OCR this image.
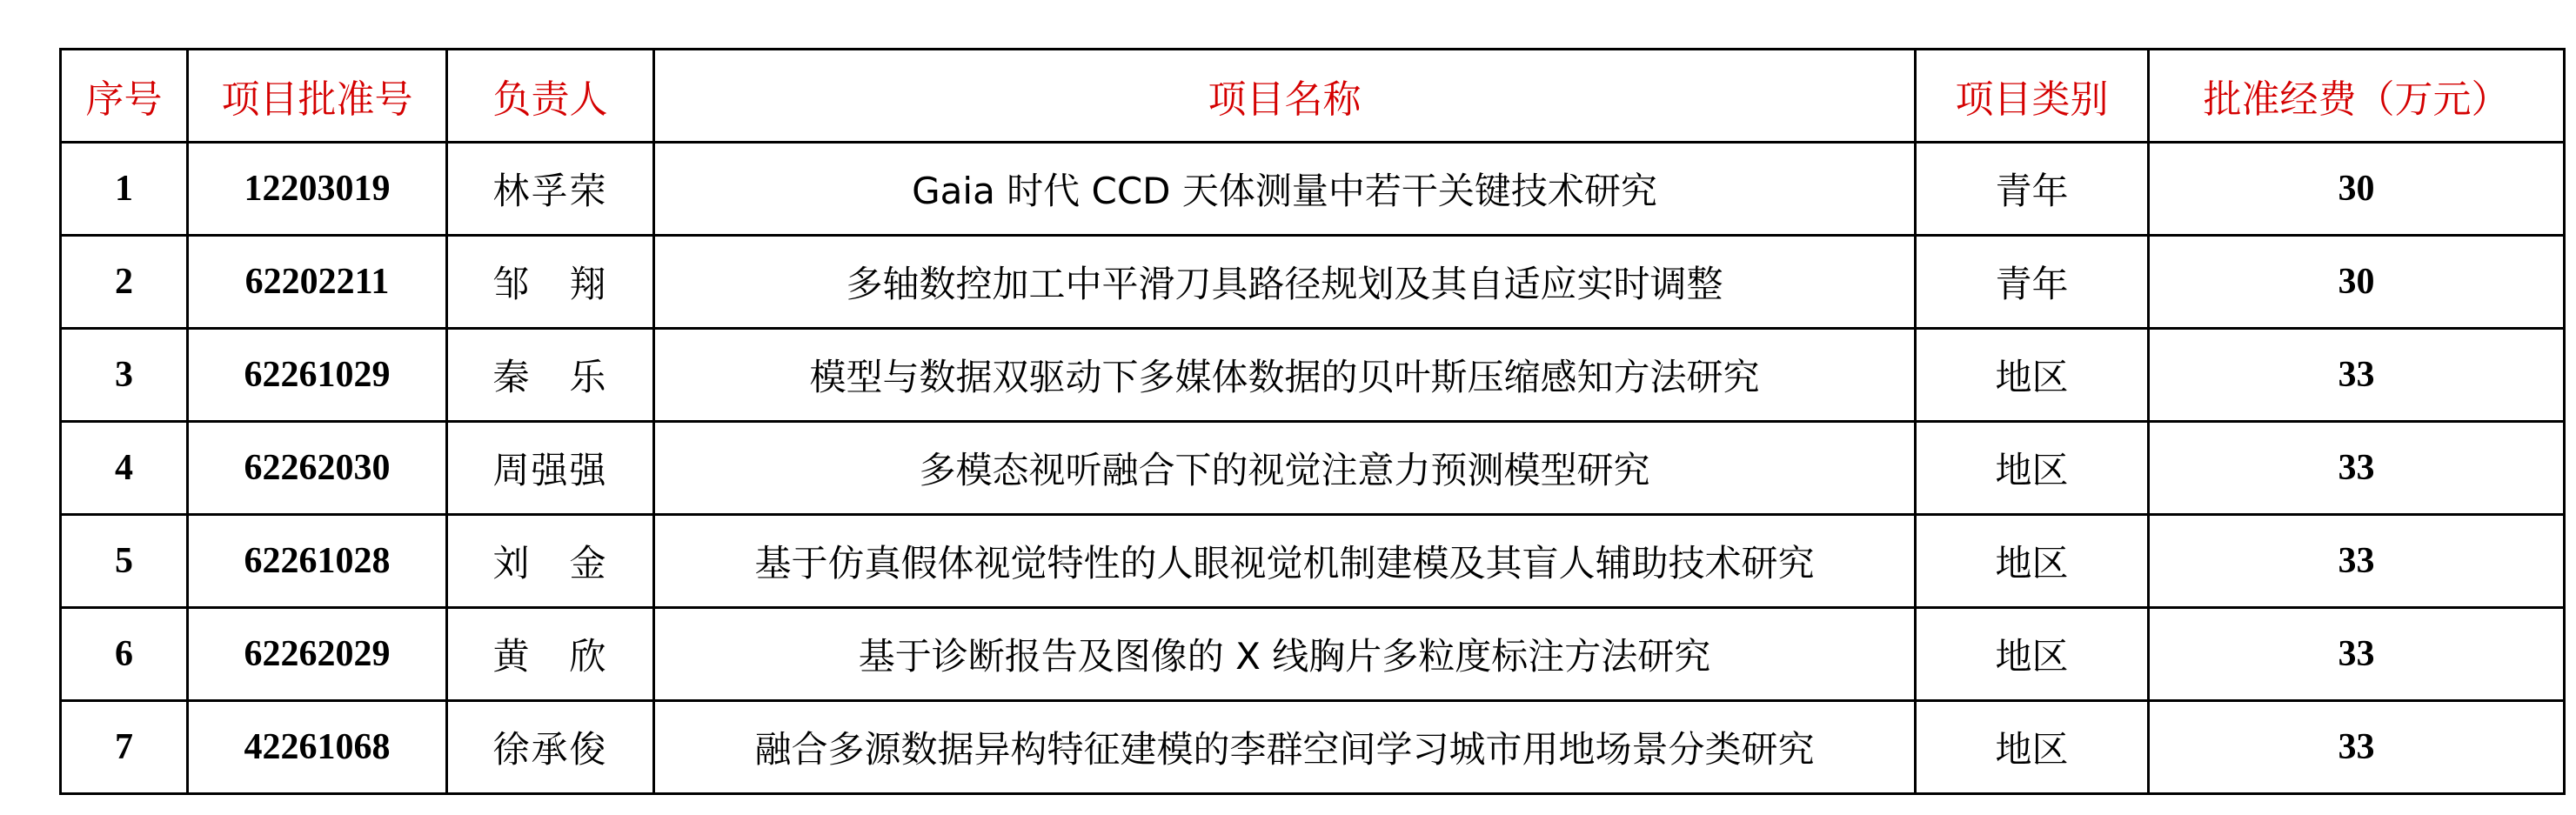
序号	项目批准号	负责人	项目名称	项目类别	批准经费（万元）
1	12203019	林孚荣	Gaia 时代 CCD 天体测量中若干关键技术研究	青年	30
2	62202211	邹　翔	多轴数控加工中平滑刀具路径规划及其自适应实时调整	青年	30
3	62261029	秦　乐	模型与数据双驱动下多媒体数据的贝叶斯压缩感知方法研究	地区	33
4	62262030	周强强	多模态视听融合下的视觉注意力预测模型研究	地区	33
5	62261028	刘　金	基于仿真假体视觉特性的人眼视觉机制建模及其盲人辅助技术研究	地区	33
6	62262029	黄　欣	基于诊断报告及图像的 X 线胸片多粒度标注方法研究	地区	33
7	42261068	徐承俊	融合多源数据异构特征建模的李群空间学习城市用地场景分类研究	地区	33
